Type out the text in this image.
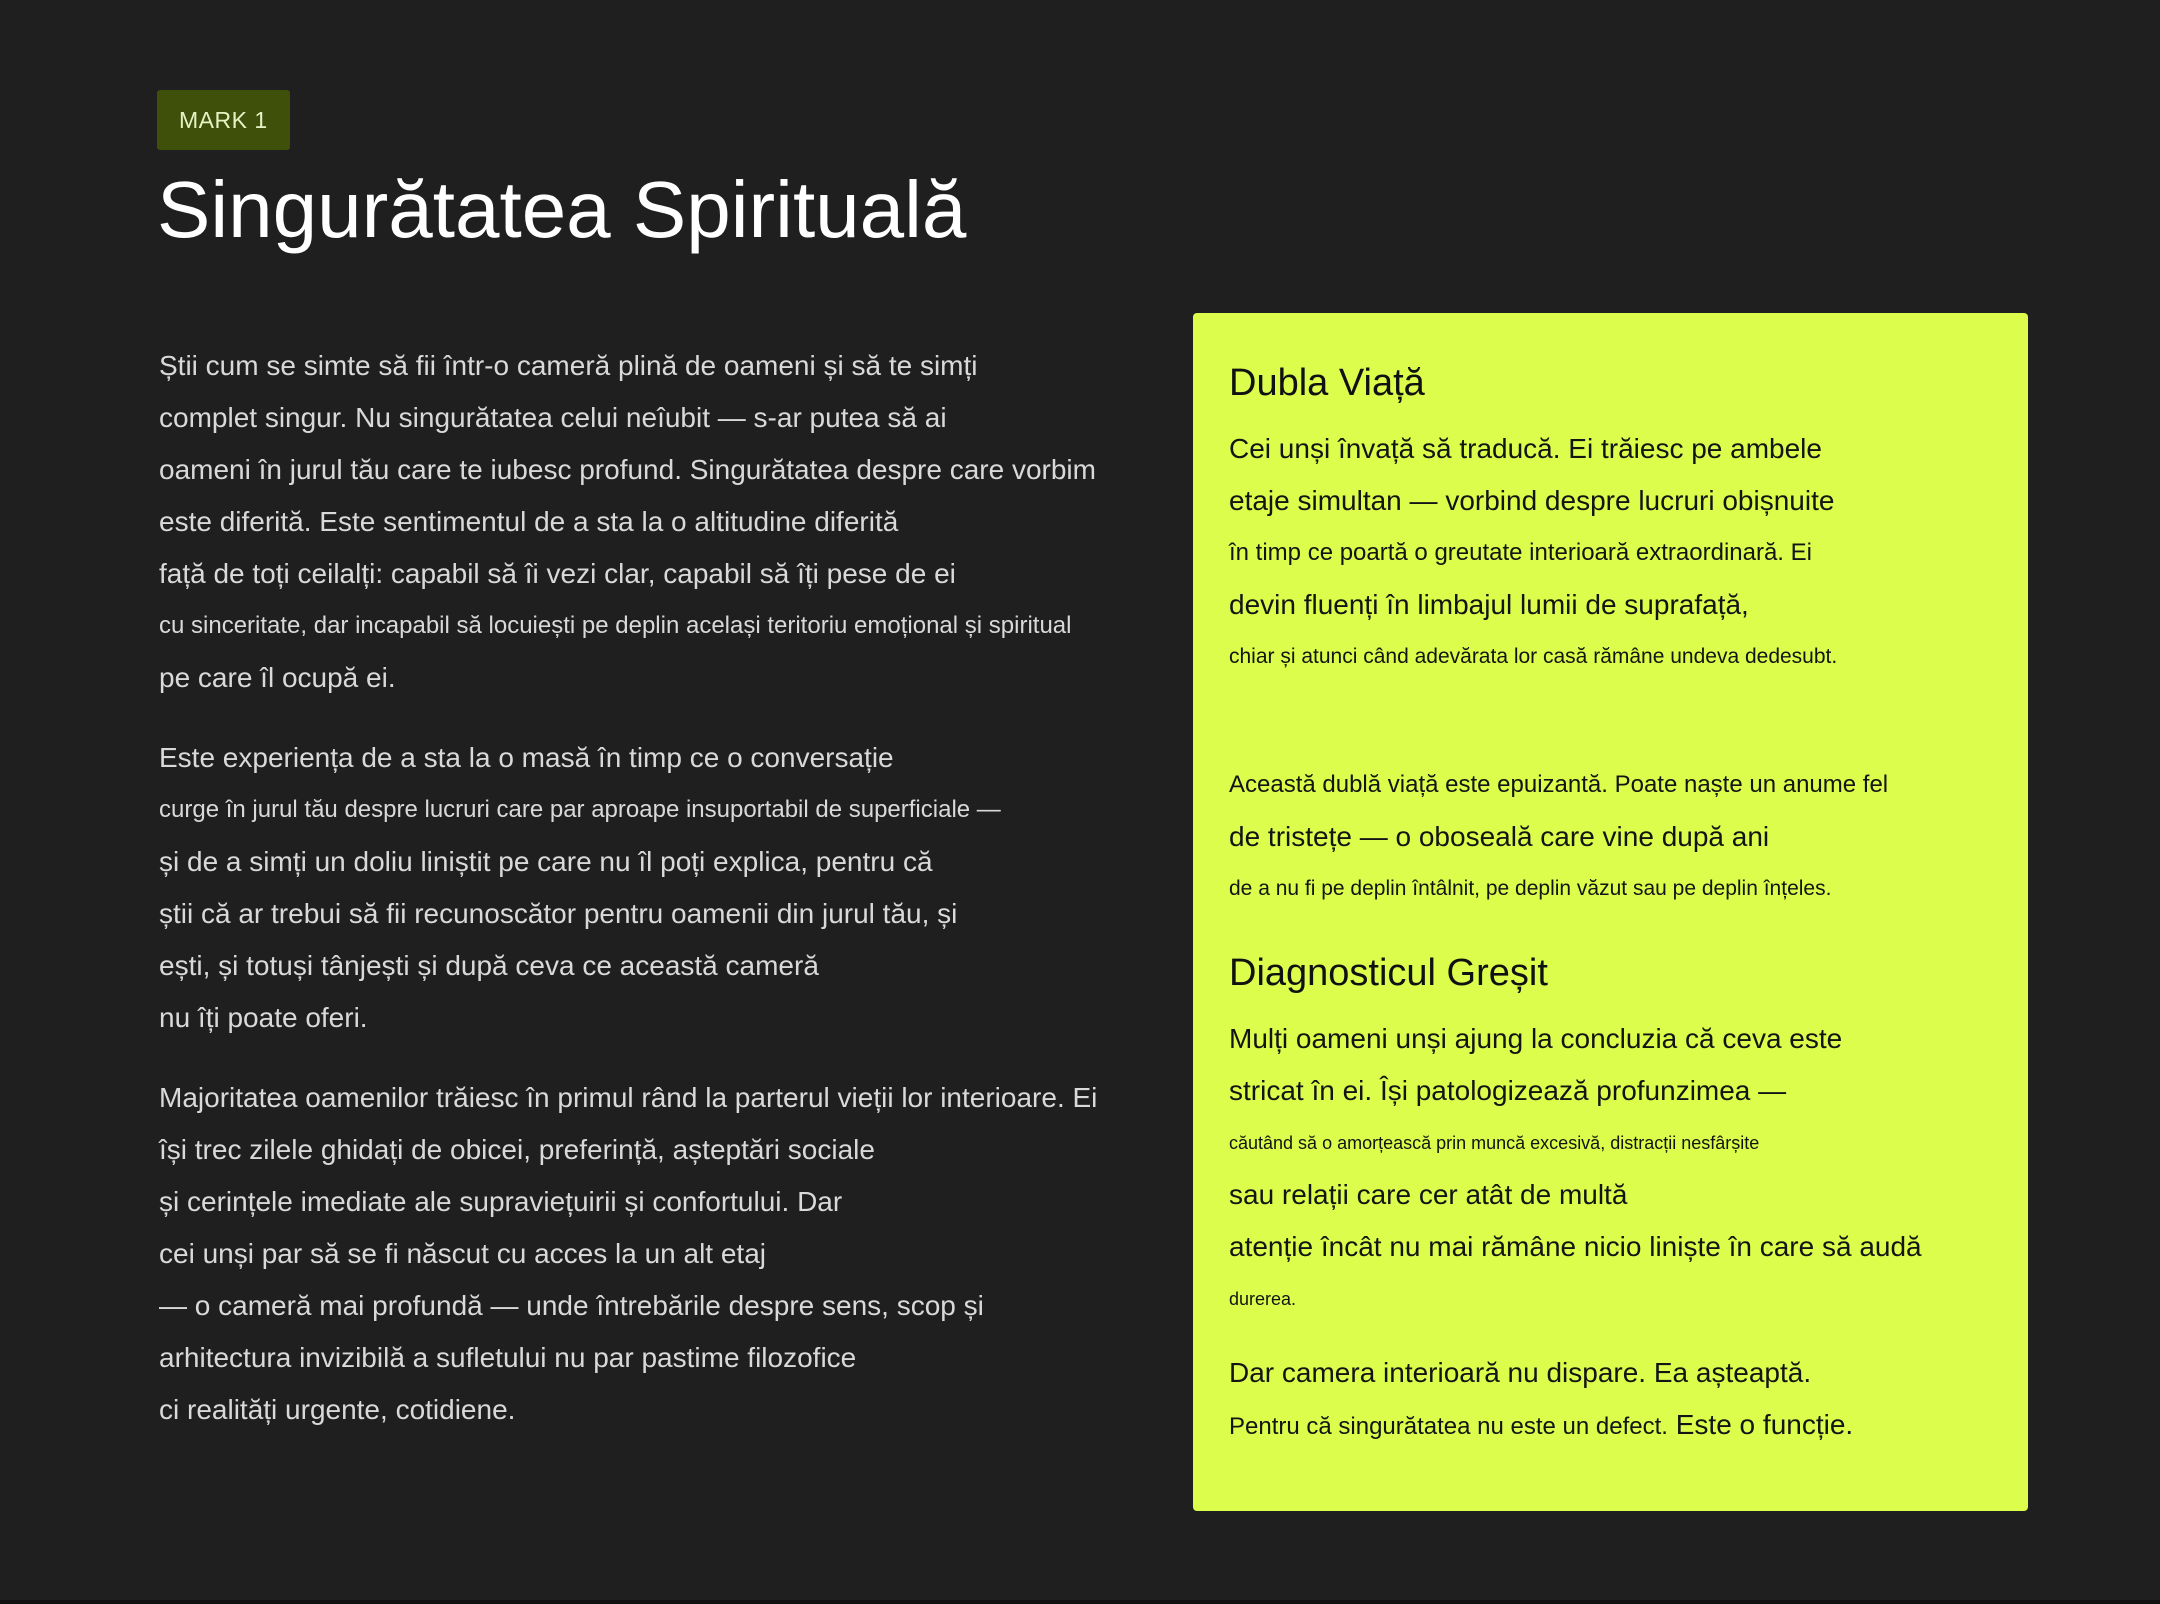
MARK 1
Singurătatea Spirituală
Știi cum se simte să fii într-o cameră plină de oameni și să te simți
complet singur. Nu singurătatea celui neîubit — s-ar putea să ai
oameni în jurul tău care te iubesc profund. Singurătatea despre care vorbim
este diferită. Este sentimentul de a sta la o altitudine diferită
față de toți ceilalți: capabil să îi vezi clar, capabil să îți pese de ei
cu sinceritate, dar incapabil să locuiești pe deplin același teritoriu emoțional și spiritual
pe care îl ocupă ei.
Este experiența de a sta la o masă în timp ce o conversație
curge în jurul tău despre lucruri care par aproape insuportabil de superficiale —
și de a simți un doliu liniștit pe care nu îl poți explica, pentru că
știi că ar trebui să fii recunoscător pentru oamenii din jurul tău, și
ești, și totuși tânjești și după ceva ce această cameră
nu îți poate oferi.
Majoritatea oamenilor trăiesc în primul rând la parterul vieții lor interioare. Ei
își trec zilele ghidați de obicei, preferință, așteptări sociale
și cerințele imediate ale supraviețuirii și confortului. Dar
cei unși par să se fi născut cu acces la un alt etaj
— o cameră mai profundă — unde întrebările despre sens, scop și
arhitectura invizibilă a sufletului nu par pastime filozofice
ci realități urgente, cotidiene.
Dubla Viață
Cei unși învață să traducă. Ei trăiesc pe ambele
etaje simultan — vorbind despre lucruri obișnuite
în timp ce poartă o greutate interioară extraordinară. Ei
devin fluenți în limbajul lumii de suprafață,
chiar și atunci când adevărata lor casă rămâne undeva dedesubt.
Această dublă viață este epuizantă. Poate naște un anume fel
de tristețe — o oboseală care vine după ani
de a nu fi pe deplin întâlnit, pe deplin văzut sau pe deplin înțeles.
Diagnosticul Greșit
Mulți oameni unși ajung la concluzia că ceva este
stricat în ei. Își patologizează profunzimea —
căutând să o amorțească prin muncă excesivă, distracții nesfârșite
sau relații care cer atât de multă
atenție încât nu mai rămâne nicio liniște în care să audă
durerea.
Dar camera interioară nu dispare. Ea așteaptă.
Pentru că singurătatea nu este un defect. Este o funcție.
